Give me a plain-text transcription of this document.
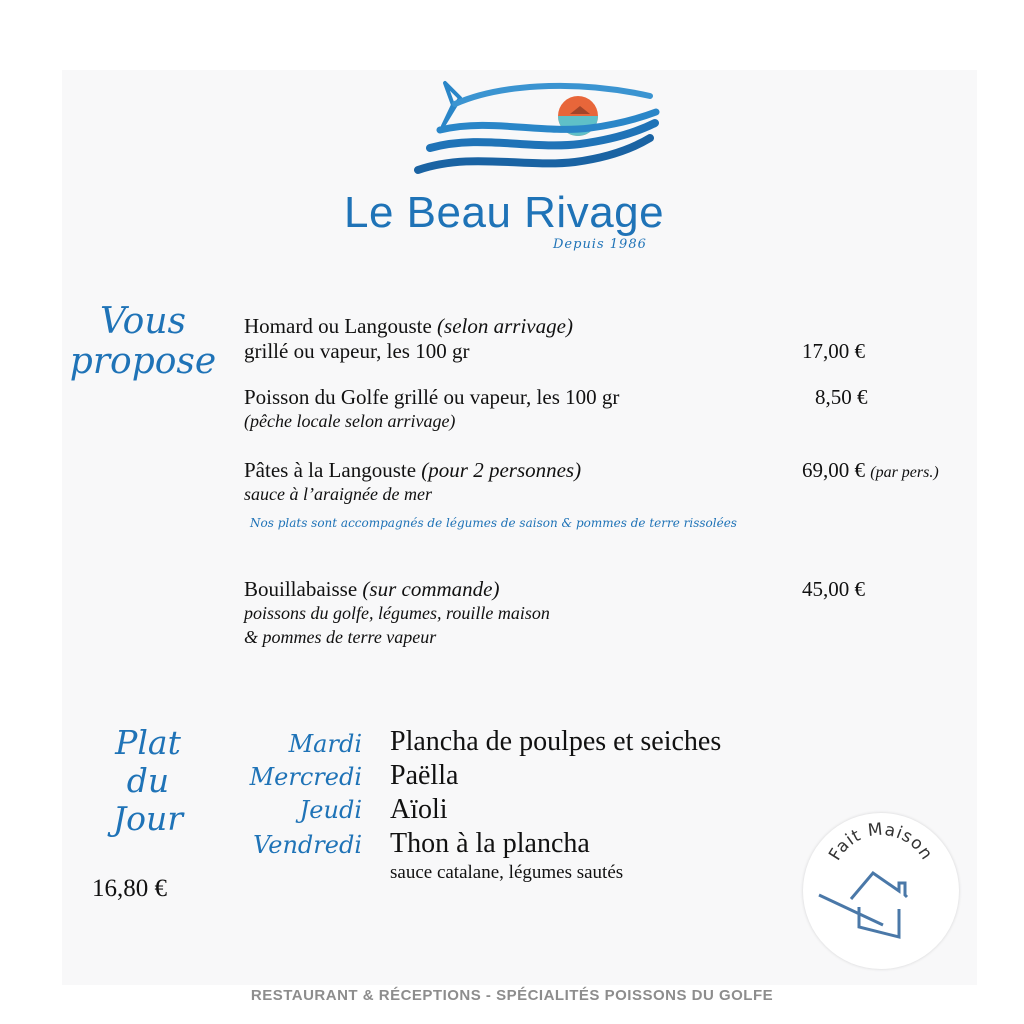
Le Beau Rivage
Depuis 1986
Vous
propose
Homard ou Langouste (selon arrivage)
grillé ou vapeur, les 100 gr	17,00 €
Poisson du Golfe grillé ou vapeur, les 100 gr
(pêche locale selon arrivage)
8,50 €
Pâtes à la Langouste (pour 2 personnes)
sauce à l’araignée de mer
69,00 € (par pers.)
Nos plats sont accompagnés de légumes de saison & pommes de terre rissolées
Bouillabaisse (sur commande)
poissons du golfe, légumes, rouille maison
& pommes de terre vapeur
45,00 €
Plat
du
Jour
Mardi Plancha de poulpes et seiches
Mercredi Paëlla
Jeudi Aïoli
Vendredi Thon à la plancha
sauce catalane, légumes sautés
16,80 €
Fait Maison
RESTAURANT & RÉCEPTIONS - SPÉCIALITÉS POISSONS DU GOLFE
